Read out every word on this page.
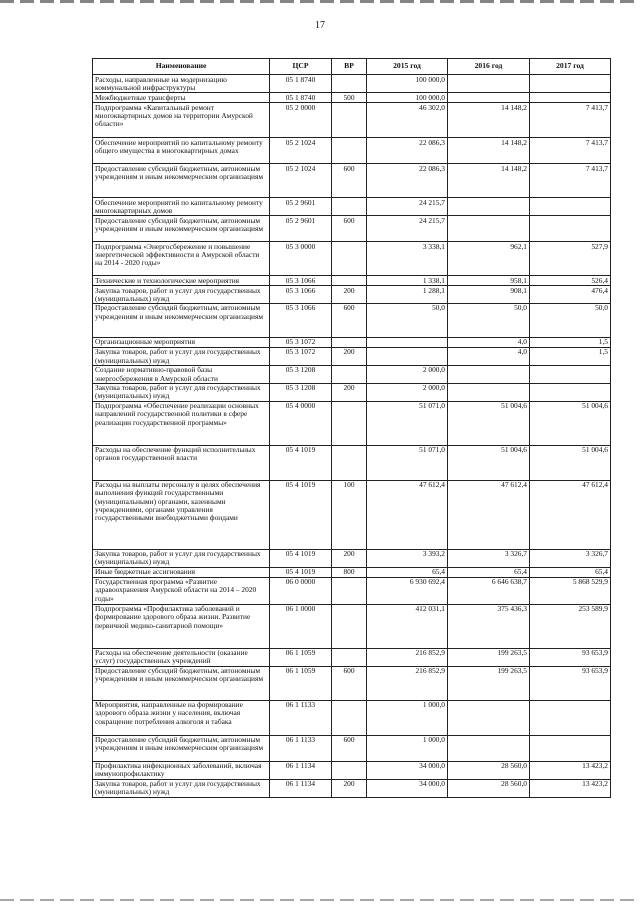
17
Наименование	ЦСР	ВР	2015 год	2016 год	2017 год
Расходы, направленные на модернизацию коммунальной инфраструктуры	05 1 8740		100 000,0		
Межбюджетные трансферты	05 1 8740	500	100 000,0		
Подпрограмма «Капитальный ремонт многоквартирных домов на территории Амурской области»	05 2 0000		46 302,0	14 148,2	7 413,7
Обеспечение мероприятий по капитальному ремонту общего имущества в многоквартирных домах	05 2 1024		22 086,3	14 148,2	7 413,7
Предоставление субсидий бюджетным, автономным учреждениям и иным некоммерческим организациям	05 2 1024	600	22 086,3	14 148,2	7 413,7
Обеспечение мероприятий по капитальному ремонту многоквартирных домов	05 2 9601		24 215,7		
Предоставление субсидий бюджетным, автономным учреждениям и иным некоммерческим организациям	05 2 9601	600	24 215,7		
Подпрограмма «Энергосбережение и повышение энергетической эффективности в Амурской области на 2014 - 2020 годы»	05 3 0000		3 338,1	962,1	527,9
Технические и технологические мероприятия	05 3 1066		1 338,1	958,1	526,4
Закупка товаров, работ и услуг для государственных (муниципальных) нужд	05 3 1066	200	1 288,1	908,1	476,4
Предоставление субсидий бюджетным, автономным учреждениям и иным некоммерческим организациям	05 3 1066	600	50,0	50,0	50,0
Организационные мероприятия	05 3 1072			4,0	1,5
Закупка товаров, работ и услуг для государственных (муниципальных) нужд	05 3 1072	200		4,0	1,5
Создание нормативно-правовой базы энергосбережения в Амурской области	05 3 1208		2 000,0		
Закупка товаров, работ и услуг для государственных (муниципальных) нужд	05 3 1208	200	2 000,0		
Подпрограмма «Обеспечение реализации основных направлений государственной политики в сфере реализации государственной программы»	05 4 0000		51 071,0	51 004,6	51 004,6
Расходы на обеспечение функций исполнительных органов государственной власти	05 4 1019		51 071,0	51 004,6	51 004,6
Расходы на выплаты персоналу в целях обеспечения выполнения функций государственными (муниципальными) органами, казенными учреждениями, органами управления государственными внебюджетными фондами	05 4 1019	100	47 612,4	47 612,4	47 612,4
Закупка товаров, работ и услуг для государственных (муниципальных) нужд	05 4 1019	200	3 393,2	3 326,7	3 326,7
Иные бюджетные ассигнования	05 4 1019	800	65,4	65,4	65,4
Государственная программа «Развитие здравоохранения Амурской области на 2014 – 2020 годы»	06 0 0000		6 930 692,4	6 646 638,7	5 868 529,9
Подпрограмма «Профилактика заболеваний и формирование здорового образа жизни. Развитие первичной медико-санитарной помощи»	06 1 0000		412 031,1	375 436,3	253 589,9
Расходы на обеспечение деятельности (оказание услуг) государственных учреждений	06 1 1059		216 852,9	199 263,5	93 653,9
Предоставление субсидий бюджетным, автономным учреждениям и иным некоммерческим организациям	06 1 1059	600	216 852,9	199 263,5	93 653,9
Мероприятия, направленные на формирование здорового образа жизни у населения, включая сокращение потребления алкоголя и табака	06 1 1133		1 000,0		
Предоставление субсидий бюджетным, автономным учреждениям и иным некоммерческим организациям	06 1 1133	600	1 000,0		
Профилактика инфекционных заболеваний, включая иммунопрофилактику	06 1 1134		34 000,0	28 560,0	13 423,2
Закупка товаров, работ и услуг для государственных (муниципальных) нужд	06 1 1134	200	34 000,0	28 560,0	13 423,2
